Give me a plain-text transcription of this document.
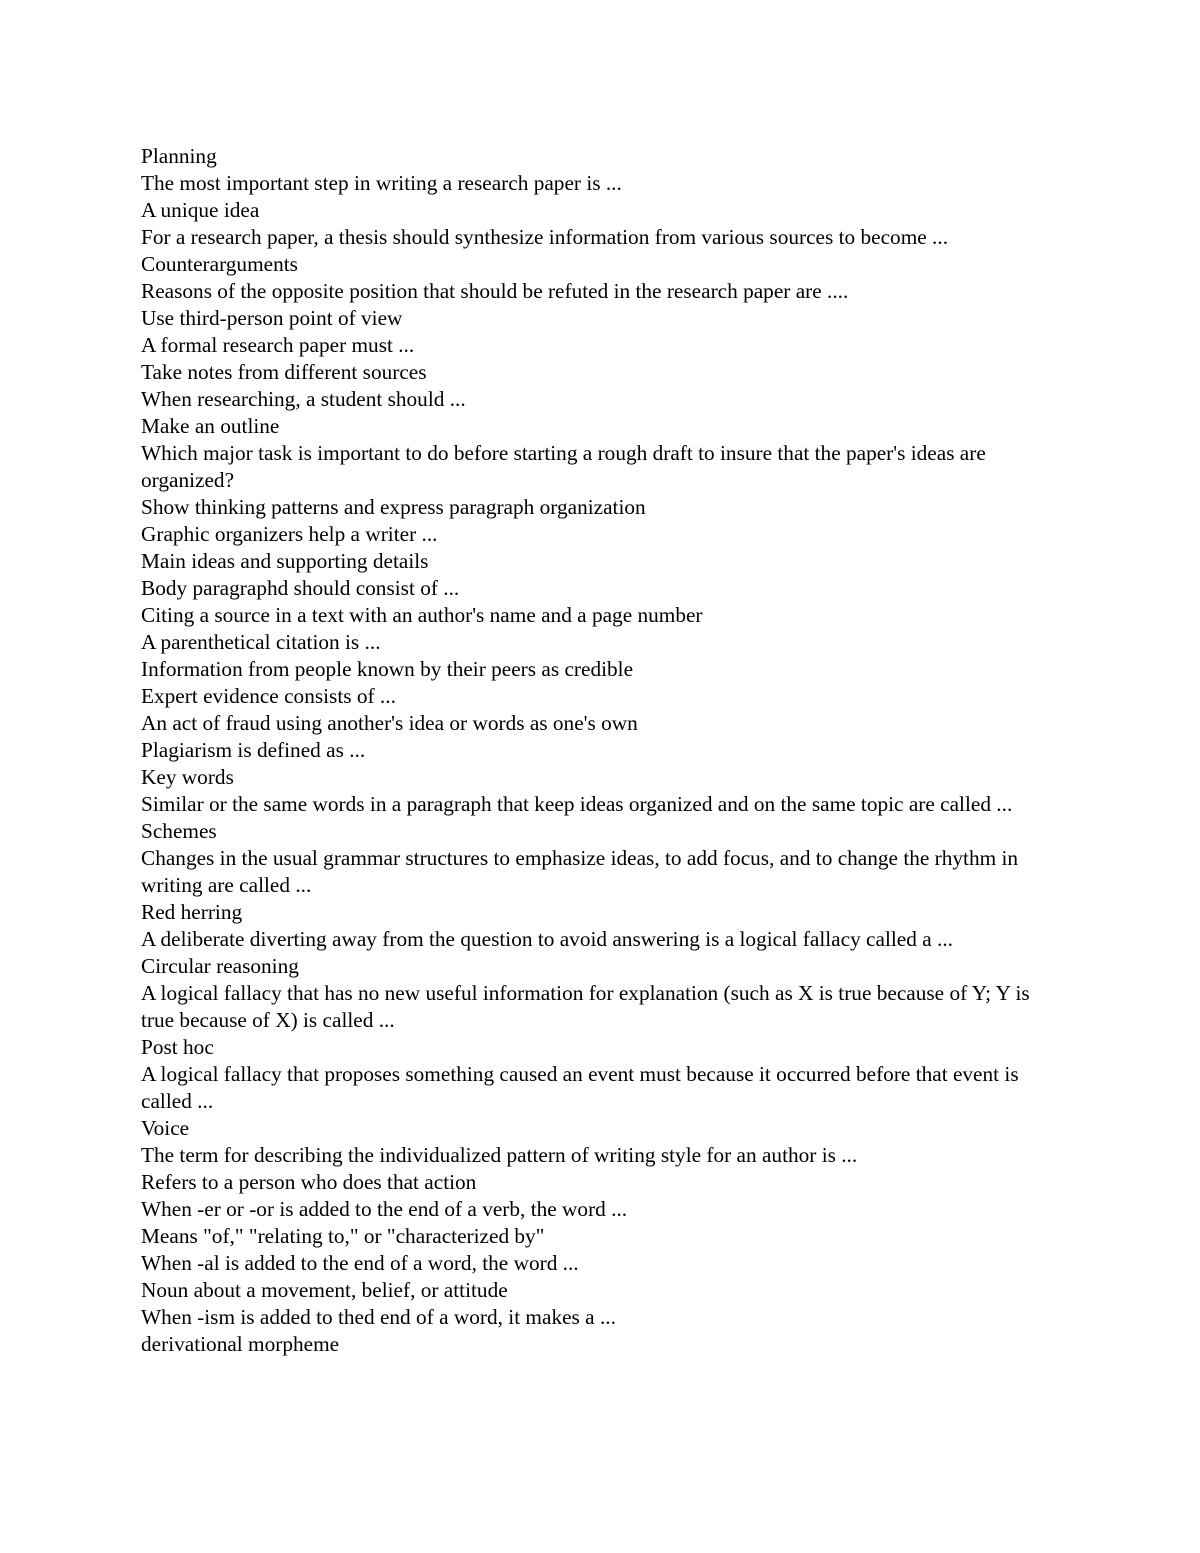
Planning

The most important step in writing a research paper is ...

A unique idea

For a research paper, a thesis should synthesize information from various sources to become ...

Counterarguments

Reasons of the opposite position that should be refuted in the research paper are ....

Use third-person point of view

A formal research paper must ...

Take notes from different sources

When researching, a student should ...

Make an outline

Which major task is important to do before starting a rough draft to insure that the paper's ideas are organized?

Show thinking patterns and express paragraph organization

Graphic organizers help a writer ...

Main ideas and supporting details

Body paragraphd should consist of ...

Citing a source in a text with an author's name and a page number

A parenthetical citation is ...

Information from people known by their peers as credible

Expert evidence consists of ...

An act of fraud using another's idea or words as one's own

Plagiarism is defined as ...

Key words

Similar or the same words in a paragraph that keep ideas organized and on the same topic are called ...

Schemes

Changes in the usual grammar structures to emphasize ideas, to add focus, and to change the rhythm in writing are called ...

Red herring

A deliberate diverting away from the question to avoid answering is a logical fallacy called a ...

Circular reasoning

A logical fallacy that has no new useful information for explanation (such as X is true because of Y; Y is true because of X) is called ...

Post hoc

A logical fallacy that proposes something caused an event must because it occurred before that event is called ...

Voice

The term for describing the individualized pattern of writing style for an author is ...

Refers to a person who does that action

When -er or -or is added to the end of a verb, the word ...

Means "of," "relating to," or "characterized by"

When -al is added to the end of a word, the word ...

Noun about a movement, belief, or attitude

When -ism is added to thed end of a word, it makes a ...

derivational morpheme
